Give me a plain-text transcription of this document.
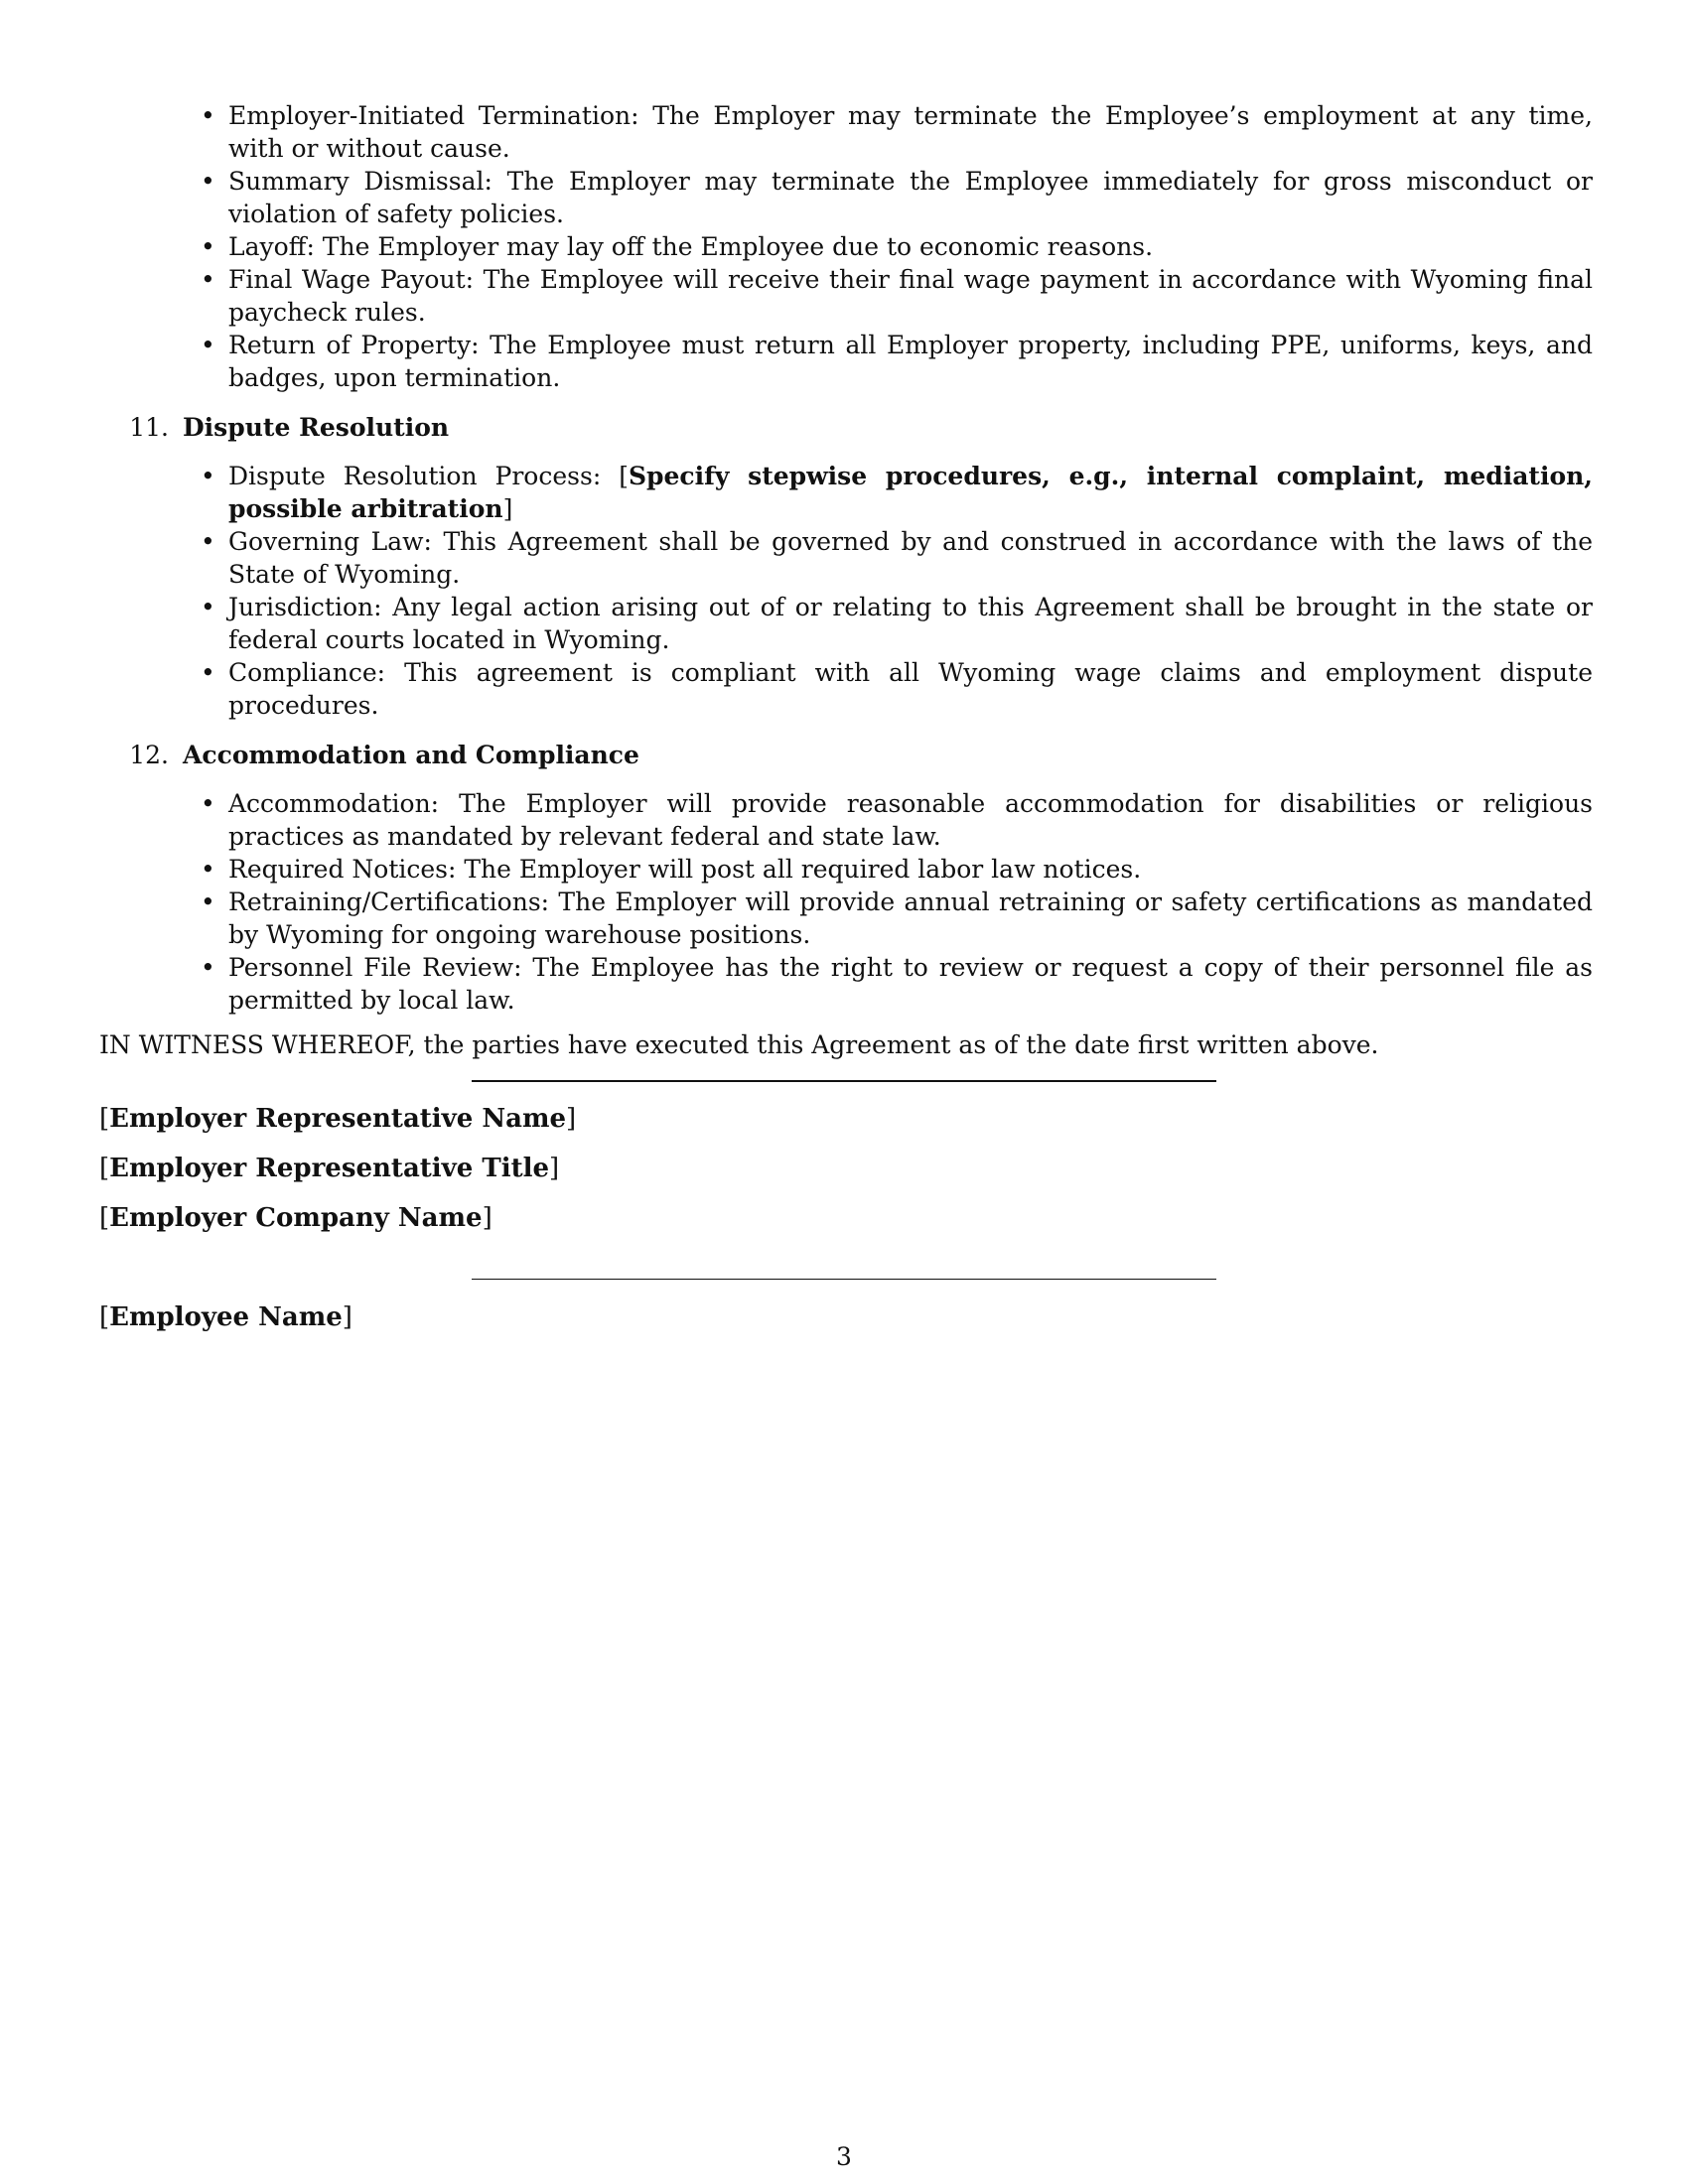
• Employer-Initiated Termination: The Employer may terminate the Employee’s employment at any time, with or without cause.
• Summary Dismissal: The Employer may terminate the Employee immediately for gross misconduct or violation of safety policies.
• Layoff: The Employer may lay off the Employee due to economic reasons.
• Final Wage Payout: The Employee will receive their final wage payment in accordance with Wyoming final paycheck rules.
• Return of Property: The Employee must return all Employer property, including PPE, uniforms, keys, and badges, upon termination.
11. Dispute Resolution
• Dispute Resolution Process: [Specify stepwise procedures, e.g., internal complaint, mediation, possible arbitration]
• Governing Law: This Agreement shall be governed by and construed in accordance with the laws of the State of Wyoming.
• Jurisdiction: Any legal action arising out of or relating to this Agreement shall be brought in the state or federal courts located in Wyoming.
• Compliance: This agreement is compliant with all Wyoming wage claims and employment dispute procedures.
12. Accommodation and Compliance
• Accommodation: The Employer will provide reasonable accommodation for disabilities or religious practices as mandated by relevant federal and state law.
• Required Notices: The Employer will post all required labor law notices.
• Retraining/Certifications: The Employer will provide annual retraining or safety certifications as mandated by Wyoming for ongoing warehouse positions.
• Personnel File Review: The Employee has the right to review or request a copy of their personnel file as permitted by local law.
IN WITNESS WHEREOF, the parties have executed this Agreement as of the date first written above.
[Employer Representative Name]
[Employer Representative Title]
[Employer Company Name]
[Employee Name]
3
